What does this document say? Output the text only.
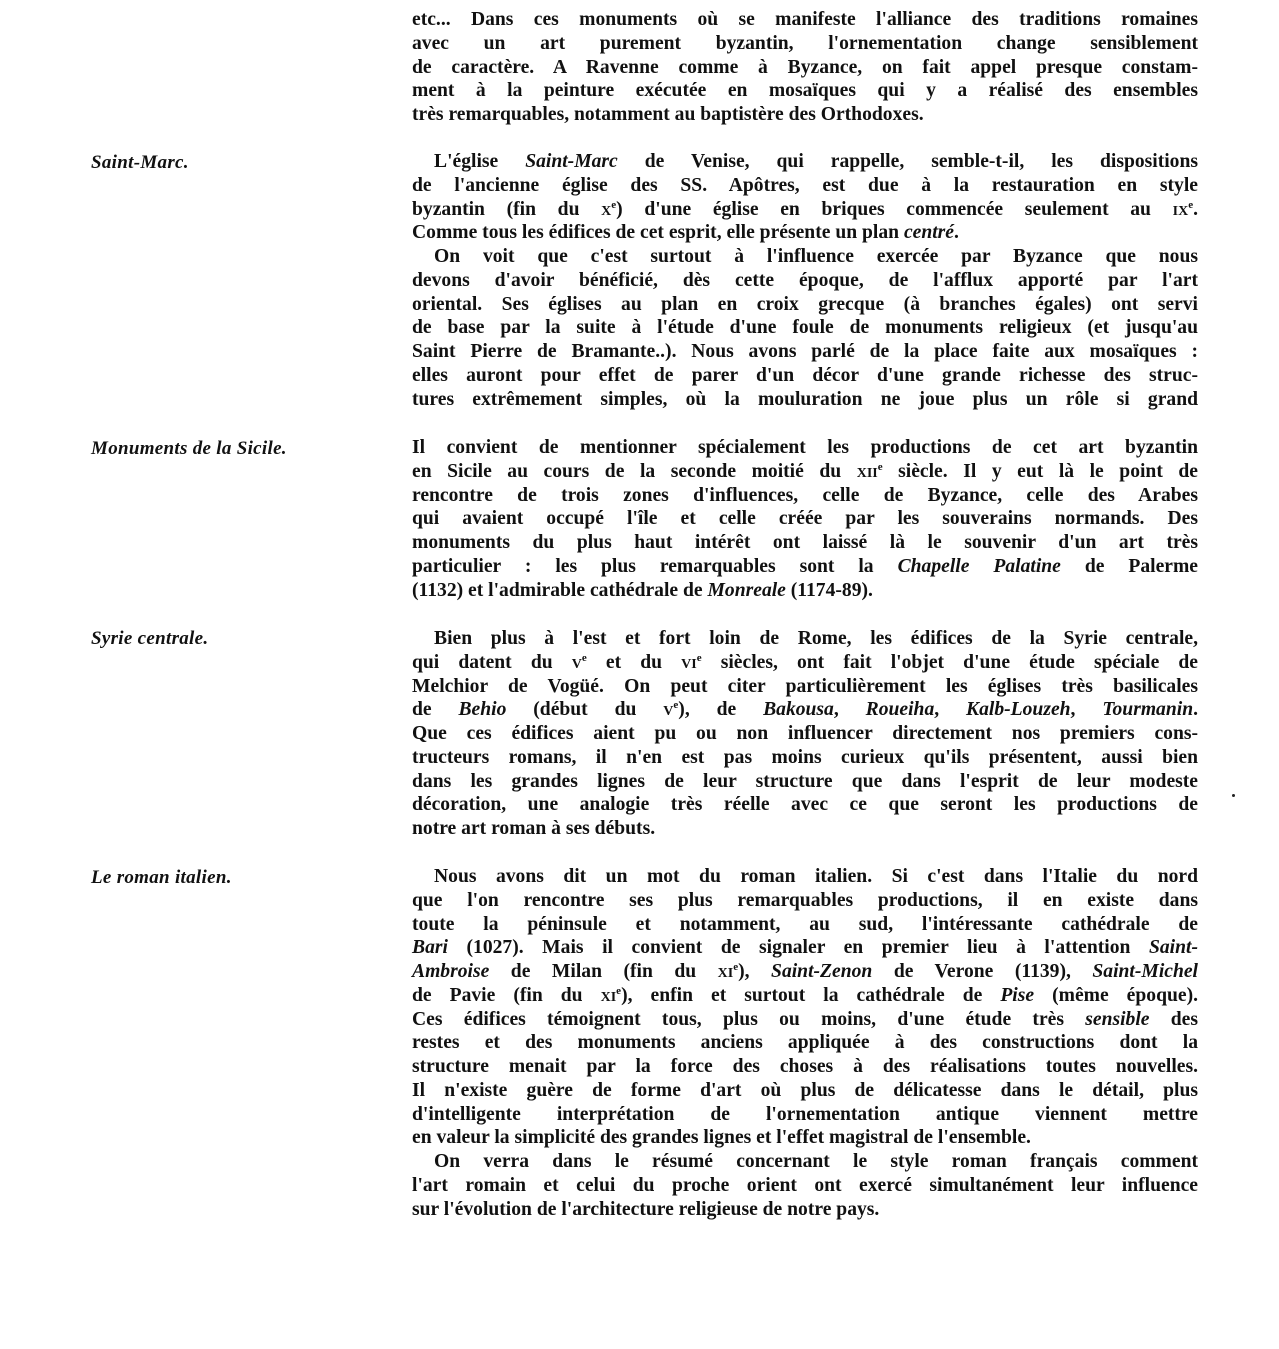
etc... Dans ces monuments où se manifeste l'alliance des traditions romaines
avec un art purement byzantin, l'ornementation change sensiblement
de caractère. A Ravenne comme à Byzance, on fait appel presque constam-
ment à la peinture exécutée en mosaïques qui y a réalisé des ensembles
très remarquables, notamment au baptistère des Orthodoxes.
Saint-Marc.	L'église Saint-Marc de Venise, qui rappelle, semble-t-il, les dispositions
de l'ancienne église des SS. Apôtres, est due à la restauration en style
byzantin (fin du $x^e$) d'une église en briques commencée seulement au $ix^e$.
Comme tous les édifices de cet esprit, elle présente un plan centré.
On voit que c'est surtout à l'influence exercée par Byzance que nous
devons d'avoir bénéficié, dès cette époque, de l'afflux apporté par l'art
oriental. Ses églises au plan en croix grecque (à branches égales) ont servi
de base par la suite à l'étude d'une foule de monuments religieux (et jusqu'au
Saint Pierre de Bramante..). Nous avons parlé de la place faite aux mosaïques :
elles auront pour effet de parer d'un décor d'une grande richesse des struc-
tures extrêmement simples, où la mouluration ne joue plus un rôle si grand
Monuments de la Sicile.	Il convient de mentionner spécialement les productions de cet art byzantin
en Sicile au cours de la seconde moitié du xii$^e$ siècle. Il y eut là le point de
rencontre de trois zones d'influences, celle de Byzance, celle des Arabes
qui avaient occupé l'île et celle créée par les souverains normands. Des
monuments du plus haut intérêt ont laissé là le souvenir d'un art très
particulier : les plus remarquables sont la Chapelle Palatine de Palerme
(1132) et l'admirable cathédrale de Monreale (1174-89).
Syrie centrale.	Bien plus à l'est et fort loin de Rome, les édifices de la Syrie centrale,
qui datent du $v^e$ et du $vi^e$ siècles, ont fait l'objet d'une étude spéciale de
Melchior de Vogüé. On peut citer particulièrement les églises très basilicales
de Behio (début du $v^e$), de Bakousa, Roueiha, Kalb-Louzeh, Tourmanin.
Que ces édifices aient pu ou non influencer directement nos premiers cons-
tructeurs romans, il n'en est pas moins curieux qu'ils présentent, aussi bien
dans les grandes lignes de leur structure que dans l'esprit de leur modeste
décoration, une analogie très réelle avec ce que seront les productions de
notre art roman à ses débuts.
Le roman italien.	Nous avons dit un mot du roman italien. Si c'est dans l'Italie du nord
que l'on rencontre ses plus remarquables productions, il en existe dans
toute la péninsule et notamment, au sud, l'intéressante cathédrale de
Bari (1027). Mais il convient de signaler en premier lieu à l'attention Saint-
Ambroise de Milan (fin du $xi^e$), Saint-Zenon de Verone (1139), Saint-Michel
de Pavie (fin du $xi^e$), enfin et surtout la cathédrale de Pise (même époque).
Ces édifices témoignent tous, plus ou moins, d'une étude très sensible des
restes et des monuments anciens appliquée à des constructions dont la
structure menait par la force des choses à des réalisations toutes nouvelles.
Il n'existe guère de forme d'art où plus de délicatesse dans le détail, plus
d'intelligente interprétation de l'ornementation antique viennent mettre
en valeur la simplicité des grandes lignes et l'effet magistral de l'ensemble.
On verra dans le résumé concernant le style roman français comment
l'art romain et celui du proche orient ont exercé simultanément leur influence
sur l'évolution de l'architecture religieuse de notre pays.
